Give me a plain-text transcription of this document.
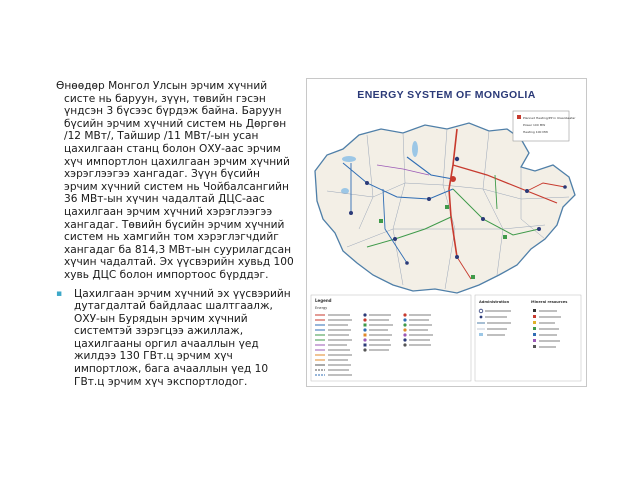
Өнөөдөр Монгол Улсын эрчим хүчний систе нь баруун, зүүн, төвийн гэсэн үндсэн 3 бүсээс бүрдэж байна. Баруун бүсийн эрчим хүчний систем нь Дөргөн /12 МВт/, Тайшир /11 МВт/-ын усан цахилгаан станц болон ОХУ-аас эрчим хүч импортлон цахилгаан эрчим хүчний хэрэглээгээ хангадаг. Зүүн бүсийн эрчим хүчний систем нь Чойбалсангийн 36 МВт-ын хүчин чадалтай ДЦС-аас цахилгаан эрчим хүчний хэрэглээгээ хангадаг. Төвийн бүсийн эрчим хүчний систем нь хамгийн том хэрэглэгчдийг хангадаг ба 814,3 МВт-ын суурилагдсан хүчин чадалтай. Эх үүсвэрийн хувьд 100 хувь ДЦС болон импортоос бүрддэг.

▪	Цахилгаан эрчим хүчний эх үүсвэрийн дутагдалтай байдлаас шалтгаалж, ОХУ-ын Бурядын эрчим хүчний системтэй зэрэгцээ ажиллаж, цахилгааны оргил ачааллын үед жилдээ 130 ГВт.ц эрчим хүч импортлож, бага ачааллын үед 10 ГВт.ц эрчим хүч экспортлодог.
ENERGY SYSTEM OF MONGOLIA
Planned Heating/PP in Ulaanbaatar
Power 100 MW
Heating 100 MW
Legend
Energy
Administration	Mineral resources
